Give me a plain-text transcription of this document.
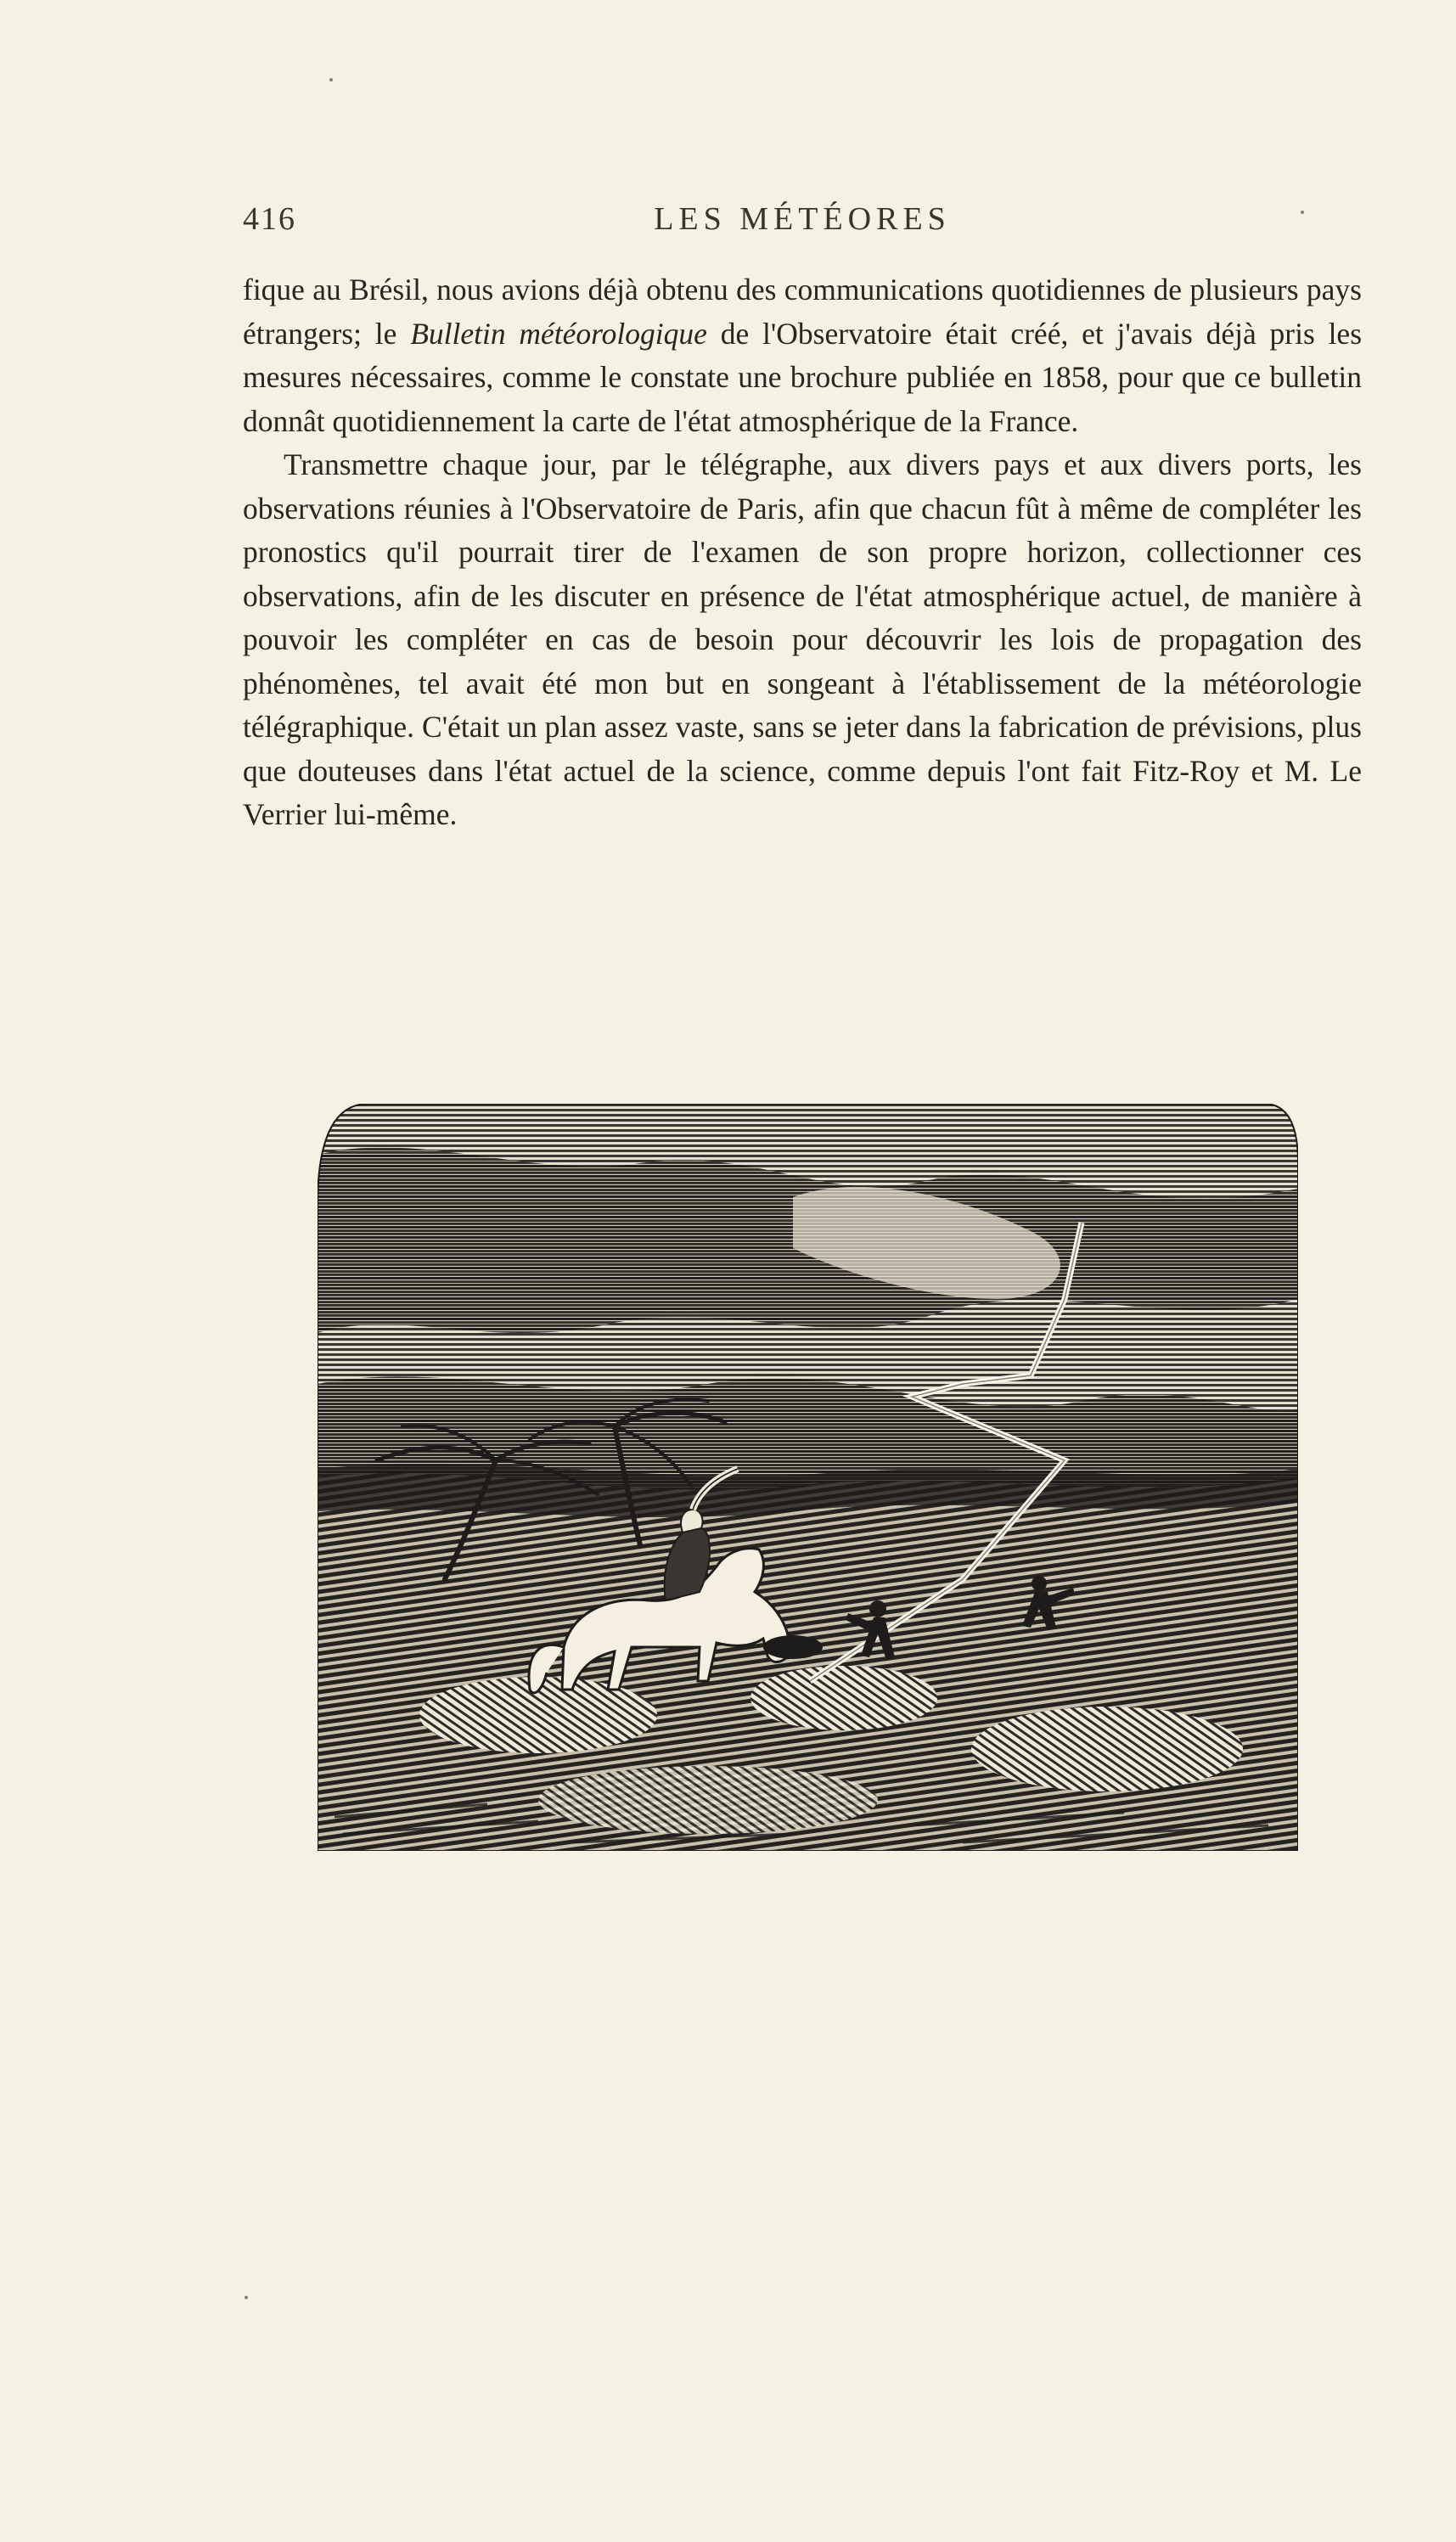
416	LES MÉTÉORES

fique au Brésil, nous avions déjà obtenu des communications quotidiennes de plusieurs pays étrangers; le Bulletin météorologique de l'Observatoire était créé, et j'avais déjà pris les mesures nécessaires, comme le constate une brochure publiée en 1858, pour que ce bulletin donnât quotidiennement la carte de l'état atmosphérique de la France.

Transmettre chaque jour, par le télégraphe, aux divers pays et aux divers ports, les observations réunies à l'Observatoire de Paris, afin que chacun fût à même de compléter les pronostics qu'il pourrait tirer de l'examen de son propre horizon, collectionner ces observations, afin de les discuter en présence de l'état atmosphérique actuel, de manière à pouvoir les compléter en cas de besoin pour découvrir les lois de propagation des phénomènes, tel avait été mon but en songeant à l'établissement de la météorologie télégraphique. C'était un plan assez vaste, sans se jeter dans la fabrication de prévisions, plus que douteuses dans l'état actuel de la science, comme depuis l'ont fait Fitz-Roy et M. Le Verrier lui-même.
